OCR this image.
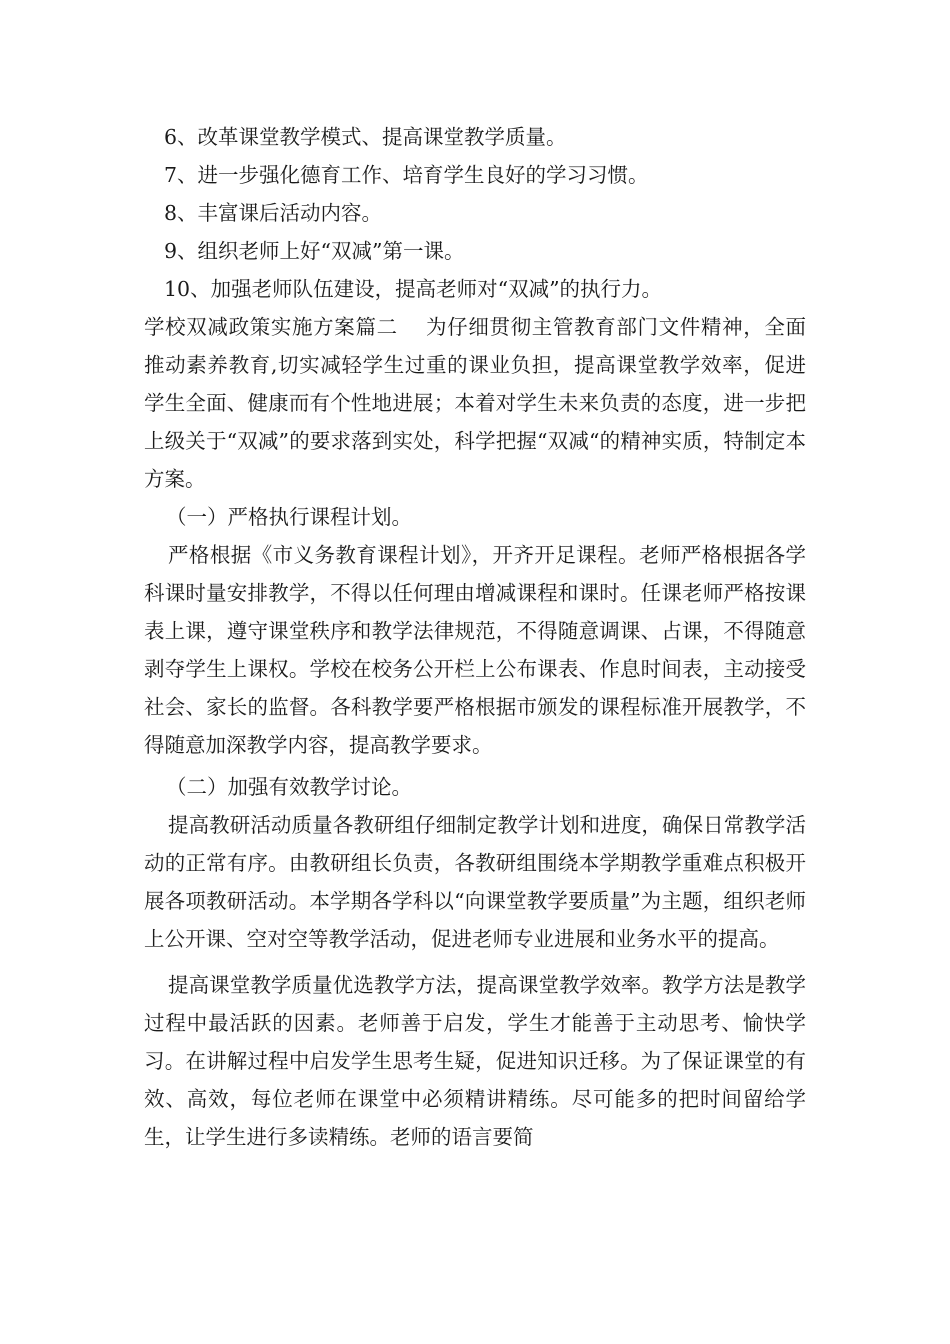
6、改革课堂教学模式、提高课堂教学质量。
7、进一步强化德育工作、培育学生良好的学习习惯。
8、丰富课后活动内容。
9、组织老师上好“双减”第一课。
10、加强老师队伍建设，提高老师对“双减”的执行力。

学校双减政策实施方案篇二　 为仔细贯彻主管教育部门文件精神，全面推动素养教育,切实减轻学生过重的课业负担，提高课堂教学效率，促进学生全面、健康而有个性地进展；本着对学生未来负责的态度，进一步把上级关于“双减”的要求落到实处，科学把握“双减“的精神实质，特制定本方案。

（一）严格执行课程计划。

严格根据《市义务教育课程计划》，开齐开足课程。老师严格根据各学科课时量安排教学，不得以任何理由增减课程和课时。任课老师严格按课表上课，遵守课堂秩序和教学法律规范，不得随意调课、占课，不得随意剥夺学生上课权。学校在校务公开栏上公布课表、作息时间表，主动接受社会、家长的监督。各科教学要严格根据市颁发的课程标准开展教学，不得随意加深教学内容，提高教学要求。

（二）加强有效教学讨论。

提高教研活动质量各教研组仔细制定教学计划和进度，确保日常教学活动的正常有序。由教研组长负责，各教研组围绕本学期教学重难点积极开展各项教研活动。本学期各学科以“向课堂教学要质量”为主题，组织老师上公开课、空对空等教学活动，促进老师专业进展和业务水平的提高。

提高课堂教学质量优选教学方法，提高课堂教学效率。教学方法是教学过程中最活跃的因素。老师善于启发，学生才能善于主动思考、愉快学习。在讲解过程中启发学生思考生疑，促进知识迁移。为了保证课堂的有效、高效，每位老师在课堂中必须精讲精练。尽可能多的把时间留给学生，让学生进行多读精练。老师的语言要简
